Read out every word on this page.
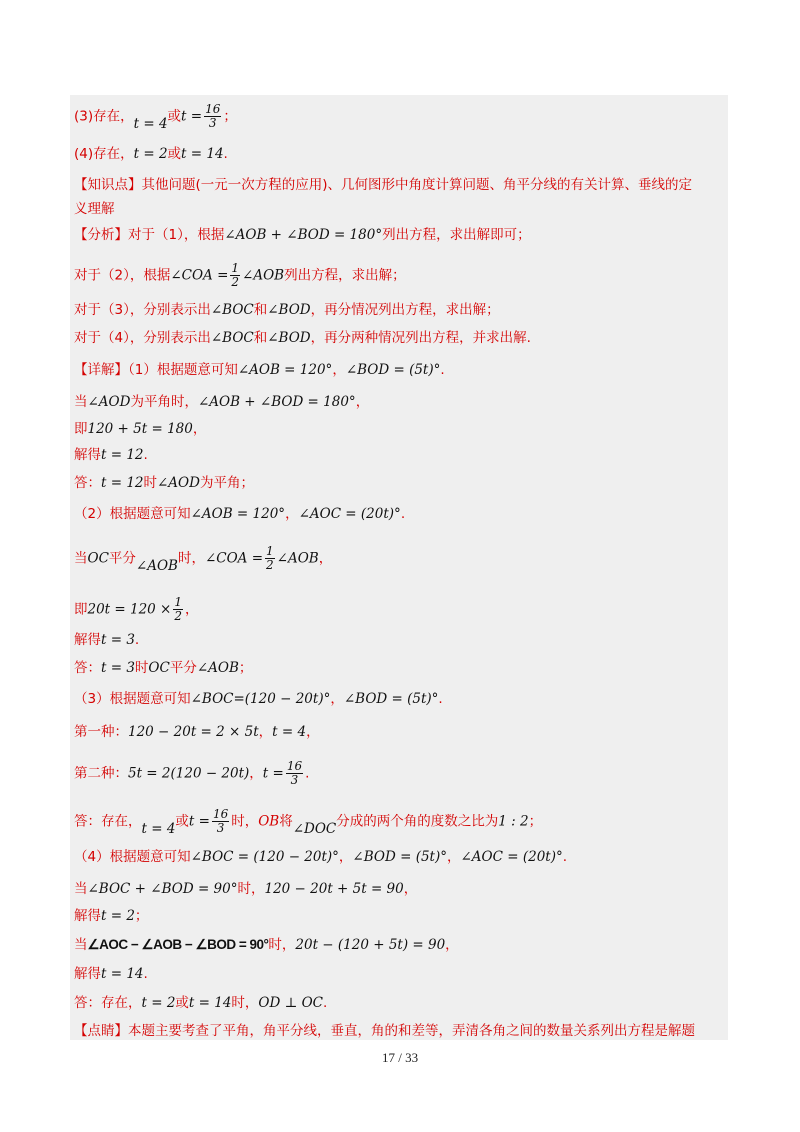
(3)存在，t = 4或$t = \frac{16}{3}$ ；
(4)存在，t = 2或t = 14.
【知识点】其他问题(一元一次方程的应用)、几何图形中角度计算问题、角平分线的有关计算、垂线的定
义理解
【分析】对于（1），根据∠AOB + ∠BOD = 180°列出方程，求出解即可；
对于（2），根据∠COA = $\frac{1}{2}$ ∠AOB列出方程，求出解；
对于（3），分别表示出∠BOC和∠BOD，再分情况列出方程，求出解；
对于（4），分别表示出∠BOC和∠BOD，再分两种情况列出方程，并求出解.
【详解】（1）根据题意可知∠AOB = 120°，∠BOD = (5t)°.
当∠AOD为平角时，∠AOB + ∠BOD = 180°，
即120 + 5t = 180，
解得t = 12.
答：t = 12时∠AOD为平角；
（2）根据题意可知∠AOB = 120°，∠AOC = (20t)°.
当OC平分∠AOB时，∠COA = $\frac{1}{2}$ ∠AOB，
即$20t = 120 \times \frac{1}{2}$ ，
解得t = 3.
答：t = 3时OC平分∠AOB；
（3）根据题意可知∠BOC=(120 − 20t)°，∠BOD = (5t)°.
第一种：120 − 20t = 2 × 5t，t = 4，
第二种：5t = 2(120 − 20t)，$t = \frac{16}{3}$ .
答：存在，t = 4或$t = \frac{16}{3}$ 时，OB将∠DOC分成的两个角的度数之比为1 : 2；
（4）根据题意可知∠BOC = (120 − 20t)°，∠BOD = (5t)°，∠AOC = (20t)°.
当∠BOC + ∠BOD = 90°时，120 − 20t + 5t = 90，
解得t = 2；
当∠AOC − ∠AOB − ∠BOD = 90°时，20t − (120 + 5t) = 90，
解得t = 14.
答：存在，t = 2或t = 14时，OD ⊥ OC.
【点睛】本题主要考查了平角，角平分线，垂直，角的和差等，弄清各角之间的数量关系列出方程是解题
17 / 33
